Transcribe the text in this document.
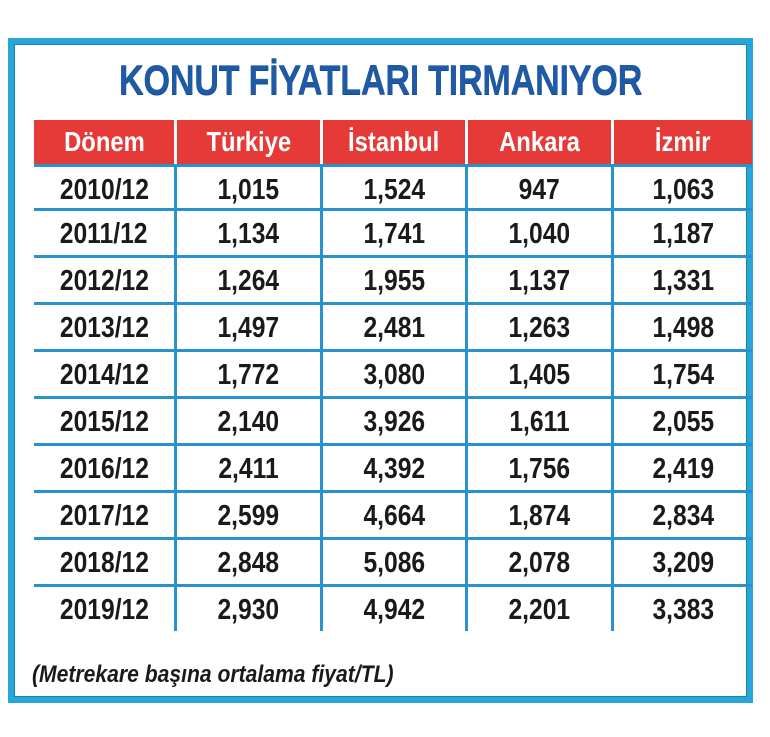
KONUT FİYATLARI TIRMANIYOR
Dönem	Türkiye	İstanbul	Ankara	İzmir
2010/12	1,015	1,524	947	1,063
2011/12	1,134	1,741	1,040	1,187
2012/12	1,264	1,955	1,137	1,331
2013/12	1,497	2,481	1,263	1,498
2014/12	1,772	3,080	1,405	1,754
2015/12	2,140	3,926	1,611	2,055
2016/12	2,411	4,392	1,756	2,419
2017/12	2,599	4,664	1,874	2,834
2018/12	2,848	5,086	2,078	3,209
2019/12	2,930	4,942	2,201	3,383
(Metrekare başına ortalama fiyat/TL)
